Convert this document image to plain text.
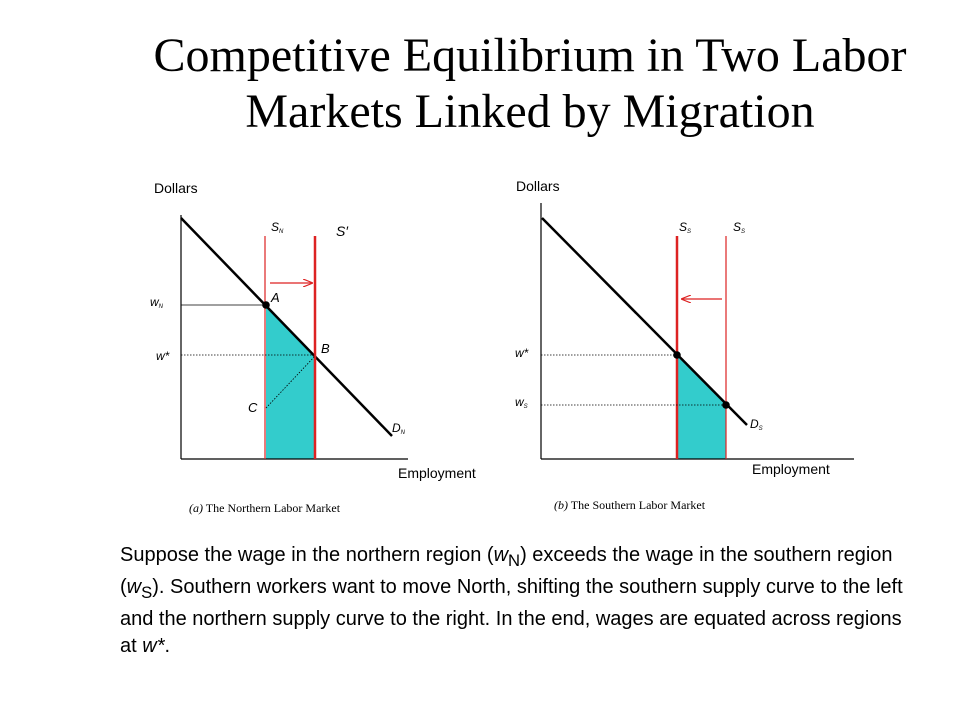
Competitive Equilibrium in Two Labor
Markets Linked by Migration
Dollars
Employment
SN	S′
DN
wN
w*
A
B
C
(a) The Northern Labor Market
Dollars
Employment
SS	SS
DS
w*
wS
(b) The Southern Labor Market
Suppose the wage in the northern region $(w_N)$ exceeds the wage in the southern region $(w_S)$. Southern workers want to move North, shifting the southern supply curve to the left and the northern supply curve to the right. In the end, wages are equated across regions at w*.
